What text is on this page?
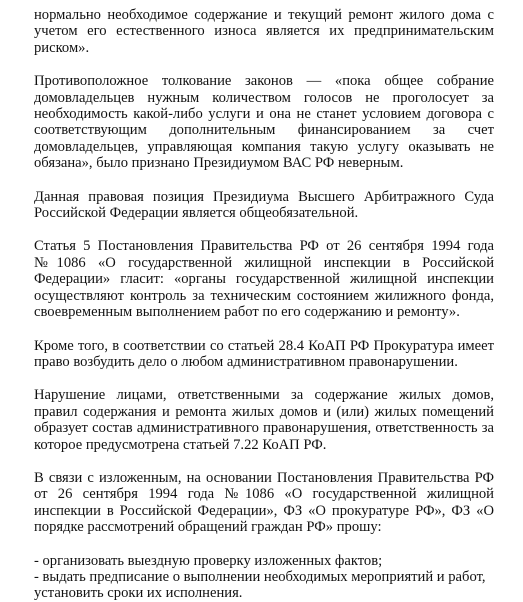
нормально необходимое содержание и текущий ремонт жилого дома с учетом его естественного износа является их предпринимательским риском».

Противоположное толкование законов — «пока общее собрание домовладельцев нужным количеством голосов не проголосует за необходимость какой-либо услуги и она не станет условием договора с соответствующим дополнительным финансированием за счет домовладельцев, управляющая компания такую услугу оказывать не обязана», было признано Президиумом ВАС РФ неверным.

Данная правовая позиция Президиума Высшего Арбитражного Суда Российской Федерации является общеобязательной.

Статья 5 Постановления Правительства РФ от 26 сентября 1994 года №1086 «О государственной жилищной инспекции в Российской Федерации» гласит: «органы государственной жилищной инспекции осуществляют контроль за техническим состоянием жилижного фонда, своевременным выполнением работ по его содержанию и ремонту».

Кроме того, в соответствии со статьей 28.4 КоАП РФ Прокуратура имеет право возбудить дело о любом административном правонарушении.

Нарушение лицами, ответственными за содержание жилых домов, правил содержания и ремонта жилых домов и (или) жилых помещений образует состав административного правонарушения, ответственность за которое предусмотрена статьей 7.22 КоАП РФ.

В связи с изложенным, на основании Постановления Правительства РФ от 26 сентября 1994 года №1086 «О государственной жилищной инспекции в Российской Федерации», ФЗ «О прокуратуре РФ», ФЗ «О порядке рассмотрений обращений граждан РФ» прошу:

- организовать выездную проверку изложенных фактов;
- выдать предписание о выполнении необходимых мероприятий и работ, установить сроки их исполнения.
